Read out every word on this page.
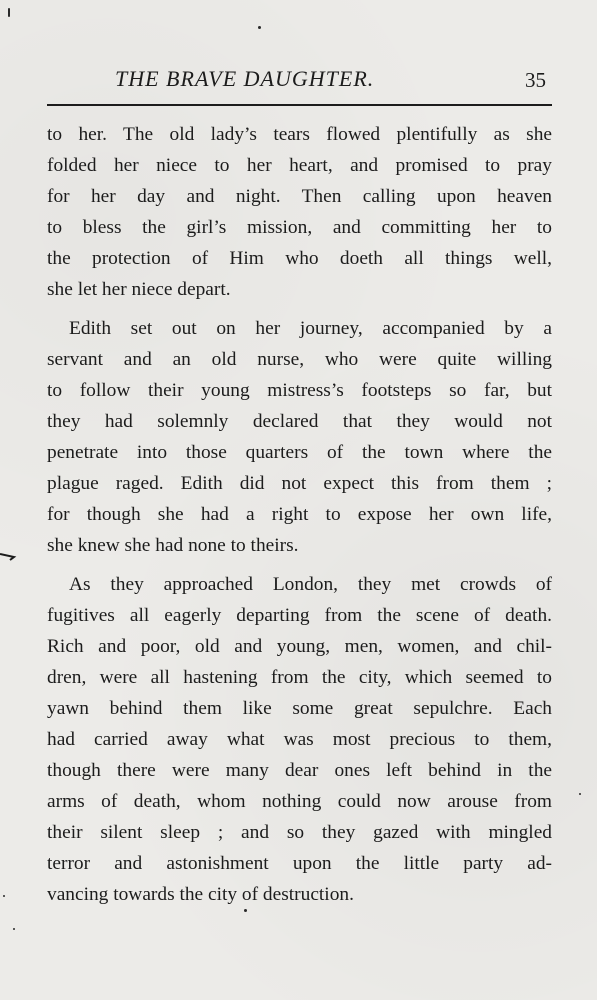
THE BRAVE DAUGHTER.	35
to her. The old lady’s tears flowed plentifully as she
folded her niece to her heart, and promised to pray
for her day and night. Then calling upon heaven
to bless the girl’s mission, and committing her to
the protection of Him who doeth all things well,
she let her niece depart.
Edith set out on her journey, accompanied by a
servant and an old nurse, who were quite willing
to follow their young mistress’s footsteps so far, but
they had solemnly declared that they would not
penetrate into those quarters of the town where the
plague raged. Edith did not expect this from them ;
for though she had a right to expose her own life,
she knew she had none to theirs.
As they approached London, they met crowds of
fugitives all eagerly departing from the scene of death.
Rich and poor, old and young, men, women, and chil-
dren, were all hastening from the city, which seemed to
yawn behind them like some great sepulchre. Each
had carried away what was most precious to them,
though there were many dear ones left behind in the
arms of death, whom nothing could now arouse from
their silent sleep ; and so they gazed with mingled
terror and astonishment upon the little party ad-
vancing towards the city of destruction.
